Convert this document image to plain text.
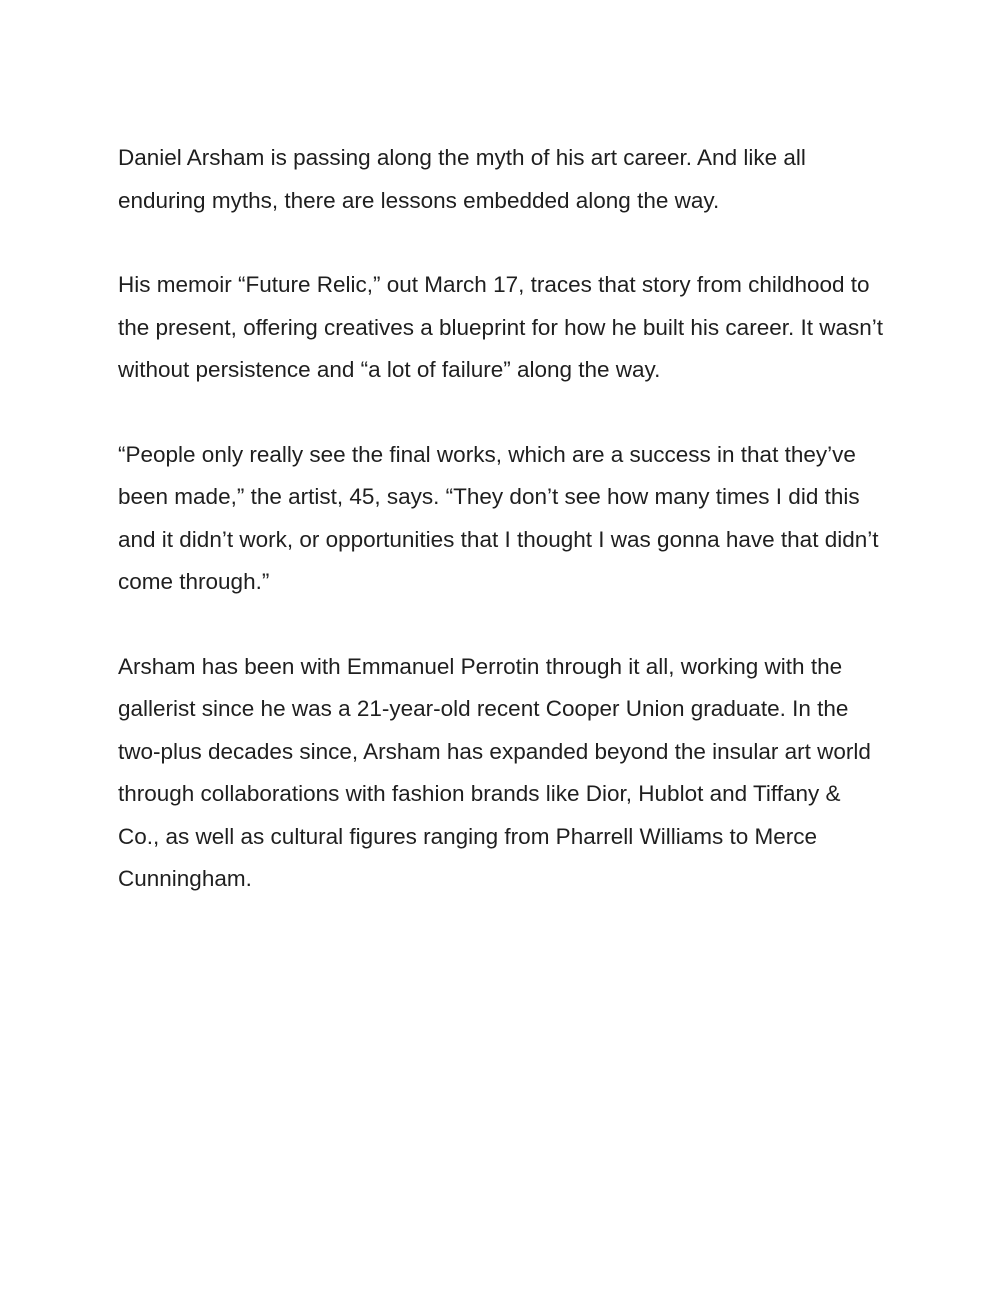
Daniel Arsham is passing along the myth of his art career. And like all enduring myths, there are lessons embedded along the way.

His memoir “Future Relic,” out March 17, traces that story from childhood to the present, offering creatives a blueprint for how he built his career. It wasn’t without persistence and “a lot of failure” along the way.

“People only really see the final works, which are a success in that they’ve been made,” the artist, 45, says. “They don’t see how many times I did this and it didn’t work, or opportunities that I thought I was gonna have that didn’t come through.”

Arsham has been with Emmanuel Perrotin through it all, working with the gallerist since he was a 21-year-old recent Cooper Union graduate. In the two-plus decades since, Arsham has expanded beyond the insular art world through collaborations with fashion brands like Dior, Hublot and Tiffany & Co., as well as cultural figures ranging from Pharrell Williams to Merce Cunningham.
